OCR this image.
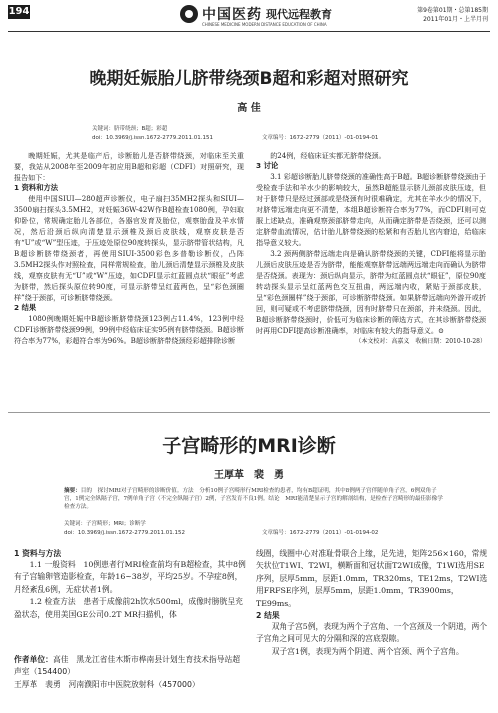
194	中国医药 现代远程教育
CHINESE MEDICINE MODERN DISTANCE EDUCATION OF CHINA
第9卷第01期・总第185期
2011年01月・上半月刊
晚期妊娠胎儿脐带绕颈B超和彩超对照研究
高 佳
关键词：脐带绕颈；B超；彩超
doi：10.3969/j.issn.1672-2779.2011.01.151	文章编号：1672-2779（2011）-01-0194-01

晚期妊娠，尤其是临产后，诊断胎儿是否脐带绕颈，对临床至关重要，我站从2008年至2009年初应用B超和彩超（CDFI）对照研究，现报告如下：

1 资料和方法

使用中国SIUI—280超声诊断仪，电子扇扫35MH2探头和SIUI—3500扇扫探头3.5MH2，对妊娠36W-42W作B超检查1080例，孕妇取仰卧位，常规确定胎儿各部位，各器官发育及胎位，观察胎盘及羊水情况，然后沿颈后纵向清楚显示颈椎及颈后皮肤线，观察皮肤是否有“U”或“W”型压迹，于压迹处原位90度转探头，显示脐带管状结构，凡B超诊断脐带绕颈者，再使用SIUI-3500彩色多普勒诊断仪，凸阵3.5MH2探头作对照检查，同样常规检查，胎儿颈后清楚显示颈椎及皮肤线，观察皮肤有无“U”或“W”压迹，如CDFI显示红蓝圆点状“眼征”考虑为脐带，然后探头原位转90度，可显示脐带呈红蓝两色，呈“彩色颈圈样”绕于颈部，可诊断脐带绕颈。

2 结果

1080例晚期妊娠中B超诊断脐带绕颈123例占11.4%，123例中经CDFI诊断脐带绕颈99例，99例中经临床证实95例有脐带绕颈。B超诊断符合率为77%，彩超符合率为96%。B超诊断脐带绕颈经彩超排除诊断

的24例，经临床证实都无脐带绕颈。

3 讨论

3.1 彩超诊断胎儿脐带绕颈的准确性高于B超。B超诊断脐带绕颈由于受检查手法和羊水少的影响较大，虽然B超能显示脐儿颈部皮肤压迹，但对于脐带只是经过颈部或是绕颈有时很难确定，尤其在羊水少的情况下，对脐带远端走向更不清楚，本组B超诊断符合率为77%，而CDFI则可克服上述缺点，准确观察颈部脐带走向，从而确定脐带是否绕颈，还可以测定脐带血流情况，估计胎儿脐带绕颈的松紧和有否胎儿宫内窘迫，给临床指导意义较大。

3.2 颈两侧脐带远端走向是确认脐带绕颈的关键，CDFI能将显示胎儿颈后皮肤压迹是否为脐带，能能观察脐带远端两远端走向而确认为脐带是否绕颈。表现为：颈后纵向显示，脐带为红蓝圆点状“眼征”，原位90度转动探头显示呈红蓝两色交互扭曲，两远端内收，紧贴于颈部皮肤，呈“彩色颈圈样”绕于颈部，可诊断脐带绕颈。如果脐带远端向外游开或折回，则可疑或不考虑脐带绕颈，因有时脐带只在颈部，并未绕颈。因此，B超诊断脐带绕颈时，价低可为临床诊断的筛选方式，在其诊断脐带绕颈时再用CDFI提高诊断准确率，对临床有较大的指导意义。⊙

（本文校对：高嘉义　收稿日期：2010-10-28）
子宫畸形的MRI诊断
王厚革　裴　勇
摘要：目的　探讨MRI对子宫畸形的诊断价值。方法　分析10例子宫畸形行MRI检查的患者，均有B超证明，其中8例两子宫伴随单角子宫，6例双角子宫，1例完全纵隔子宫，7例单角子宫（不完全纵隔子宫）2例，子宫发育不良1例。结论　MRI能清楚显示子宫的解剖结构，是检查子宫畸形的最佳影像学检查方法。
关键词：子宫畸形；MRI；诊断学
doi：10.3969/j.issn.1672-2779.2011.01.152	文章编号：1672-2779（2011）-01-0194-02
1 资料与方法

1.1 一般资料　10例患者行MRI检查前均有B超检查，其中8例有子宫输卵管造影检查，年龄16~38岁，平均25岁。不孕症8例，月经紊乱6例，无症状者1例。

1.2 检查方法　患者于成像前2h饮水500ml，成像时膀胱呈充盈状态，使用美国GE公司0.2T MR扫描机，体

作者单位：高佳　黑龙江省佳木斯市桦南县计划生育技术指导站超声室（154400）
王厚革　裴勇　河南濮阳市中医院放射科（457000）

线圈，线圈中心对准耻骨联合上缘，足先进，矩阵256×160，常规矢状位T1WI、T2WI，横断面和冠状面T2WI成像，T1WI选用SE序列，层厚5mm，层距1.0mm，TR320ms，TE12ms，T2WI选用FRFSE序列，层厚5mm，层距1.0mm，TR3900ms，TE99ms。

2 结果

双角子宫5例，表现为两个子宫角、一个宫颈及一个阴道，两个子宫角之间可见大的分隔和深的宫底裂隙。

双子宫1例，表现为两个阴道、两个宫颈、两个子宫角。
